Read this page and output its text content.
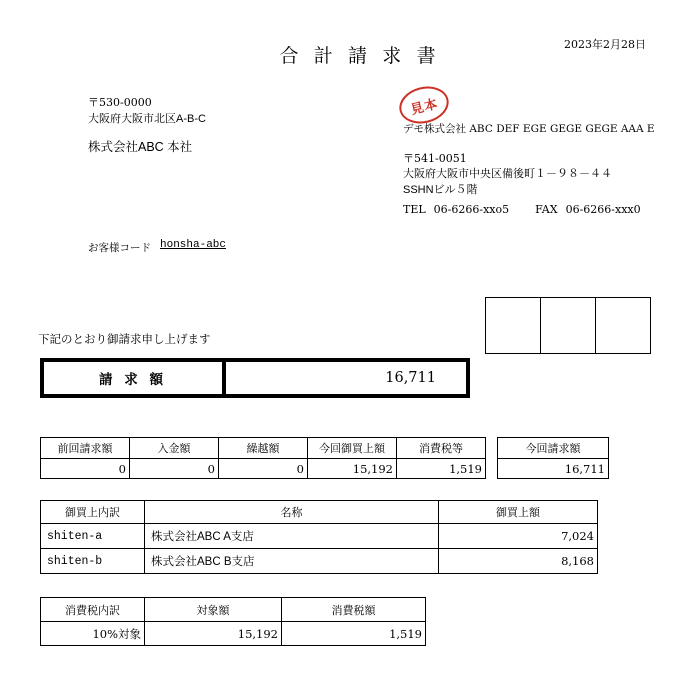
合 計 請 求 書
2023年2月28日
〒530-0000
大阪府大阪市北区A-B-C
株式会社ABC 本社
見本
デモ株式会社 ABC DEF EGE GEGE GEGE AAA E
〒541-0051
大阪府大阪市中央区備後町１－９８－４４
SSHNビル５階
TEL 06-6266-xxo5 FAX 06-6266-xxx0
お客様コード honsha-abc
下記のとおり御請求申し上げます
請 求 額	16,711
前回請求額	入金額	繰越額	今回御買上額	消費税等
0	0	0	15,192	1,519
今回請求額
16,711
御買上内訳	名称	御買上額
shiten-a	株式会社ABC A支店	7,024
shiten-b	株式会社ABC B支店	8,168
消費税内訳	対象額	消費税額
10%対象	15,192	1,519
